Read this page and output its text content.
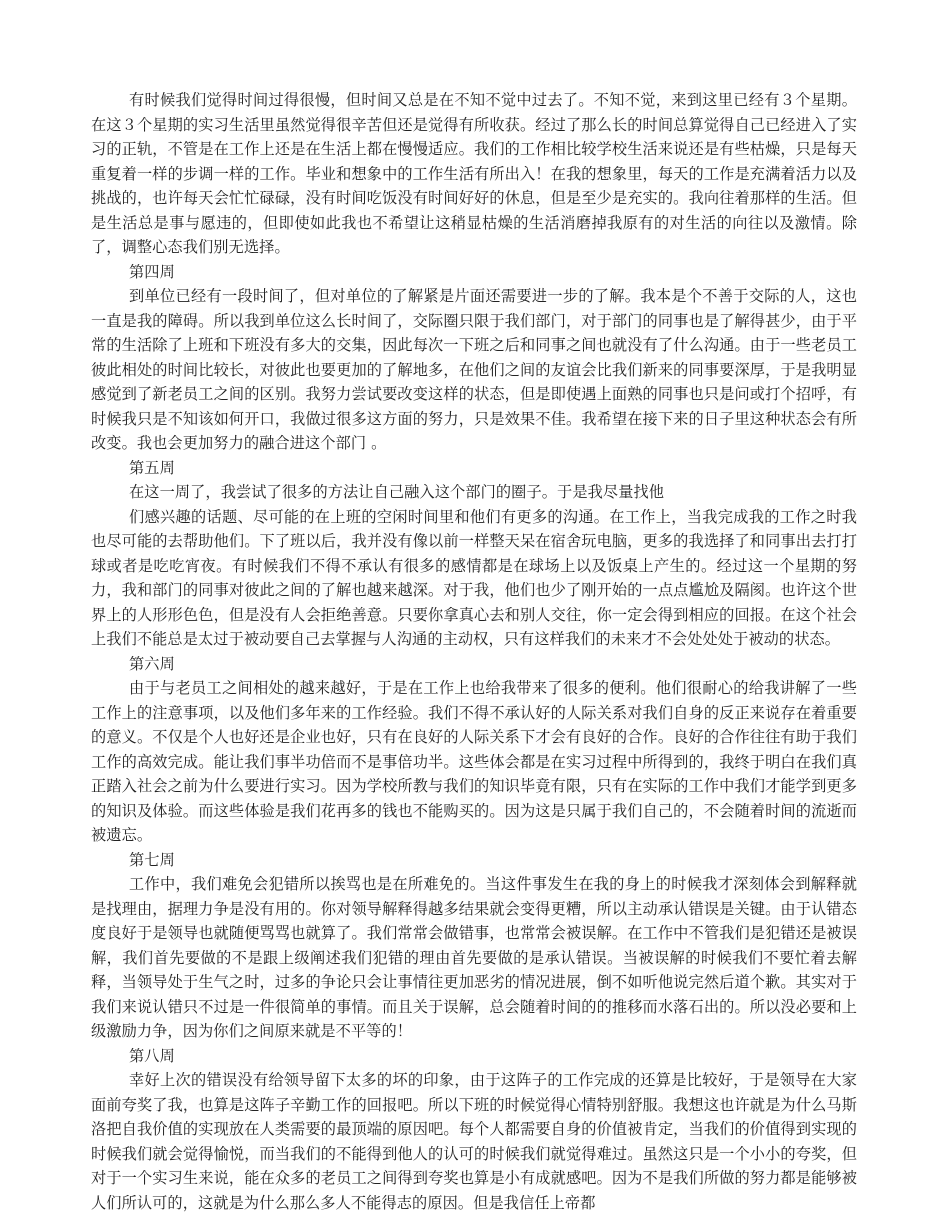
有时候我们觉得时间过得很慢，但时间又总是在不知不觉中过去了。不知不觉，来到这里已经有３个星期。在这３个星期的实习生活里虽然觉得很辛苦但还是觉得有所收获。经过了那么长的时间总算觉得自己已经进入了实习的正轨，不管是在工作上还是在生活上都在慢慢适应。我们的工作相比较学校生活来说还是有些枯燥，只是每天重复着一样的步调一样的工作。毕业和想象中的工作生活有所出入！在我的想象里，每天的工作是充满着活力以及挑战的，也许每天会忙忙碌碌，没有时间吃饭没有时间好好的休息，但是至少是充实的。我向往着那样的生活。但是生活总是事与愿违的，但即使如此我也不希望让这稍显枯燥的生活消磨掉我原有的对生活的向往以及激情。除了，调整心态我们别无选择。

第四周

到单位已经有一段时间了，但对单位的了解紧是片面还需要进一步的了解。我本是个不善于交际的人，这也一直是我的障碍。所以我到单位这么长时间了，交际圈只限于我们部门，对于部门的同事也是了解得甚少，由于平常的生活除了上班和下班没有多大的交集，因此每次一下班之后和同事之间也就没有了什么沟通。由于一些老员工彼此相处的时间比较长，对彼此也要更加的了解地多，在他们之间的友谊会比我们新来的同事要深厚，于是我明显感觉到了新老员工之间的区别。我努力尝试要改变这样的状态，但是即使遇上面熟的同事也只是问或打个招呼，有时候我只是不知该如何开口，我做过很多这方面的努力，只是效果不佳。我希望在接下来的日子里这种状态会有所改变。我也会更加努力的融合进这个部门 。

第五周

在这一周了，我尝试了很多的方法让自己融入这个部门的圈子。于是我尽量找他

们感兴趣的话题、尽可能的在上班的空闲时间里和他们有更多的沟通。在工作上，当我完成我的工作之时我也尽可能的去帮助他们。下了班以后，我并没有像以前一样整天呆在宿舍玩电脑，更多的我选择了和同事出去打打球或者是吃吃宵夜。有时候我们不得不承认有很多的感情都是在球场上以及饭桌上产生的。经过这一个星期的努力，我和部门的同事对彼此之间的了解也越来越深。对于我，他们也少了刚开始的一点点尴尬及隔阂。也许这个世界上的人形形色色，但是没有人会拒绝善意。只要你拿真心去和别人交往，你一定会得到相应的回报。在这个社会上我们不能总是太过于被动要自己去掌握与人沟通的主动权，只有这样我们的未来才不会处处处于被动的状态。

第六周

由于与老员工之间相处的越来越好，于是在工作上也给我带来了很多的便利。他们很耐心的给我讲解了一些工作上的注意事项，以及他们多年来的工作经验。我们不得不承认好的人际关系对我们自身的反正来说存在着重要的意义。不仅是个人也好还是企业也好，只有在良好的人际关系下才会有良好的合作。良好的合作往往有助于我们工作的高效完成。能让我们事半功倍而不是事倍功半。这些体会都是在实习过程中所得到的，我终于明白在我们真正踏入社会之前为什么要进行实习。因为学校所教与我们的知识毕竟有限，只有在实际的工作中我们才能学到更多的知识及体验。而这些体验是我们花再多的钱也不能购买的。因为这是只属于我们自己的，不会随着时间的流逝而被遗忘。

第七周

工作中，我们难免会犯错所以挨骂也是在所难免的。当这件事发生在我的身上的时候我才深刻体会到解释就是找理由，据理力争是没有用的。你对领导解释得越多结果就会变得更糟，所以主动承认错误是关键。由于认错态度良好于是领导也就随便骂骂也就算了。我们常常会做错事，也常常会被误解。在工作中不管我们是犯错还是被误解，我们首先要做的不是跟上级阐述我们犯错的理由首先要做的是承认错误。当被误解的时候我们不要忙着去解释，当领导处于生气之时，过多的争论只会让事情往更加恶劣的情况进展，倒不如听他说完然后道个歉。其实对于我们来说认错只不过是一件很简单的事情。而且关于误解，总会随着时间的的推移而水落石出的。所以没必要和上级激励力争，因为你们之间原来就是不平等的！

第八周

幸好上次的错误没有给领导留下太多的坏的印象，由于这阵子的工作完成的还算是比较好，于是领导在大家面前夸奖了我，也算是这阵子辛勤工作的回报吧。所以下班的时候觉得心情特别舒服。我想这也许就是为什么马斯洛把自我价值的实现放在人类需要的最顶端的原因吧。每个人都需要自身的价值被肯定，当我们的价值得到实现的时候我们就会觉得愉悦，而当我们的不能得到他人的认可的时候我们就觉得难过。虽然这只是一个小小的夸奖，但对于一个实习生来说，能在众多的老员工之间得到夸奖也算是小有成就感吧。因为不是我们所做的努力都是能够被人们所认可的，这就是为什么那么多人不能得志的原因。但是我信任上帝都
